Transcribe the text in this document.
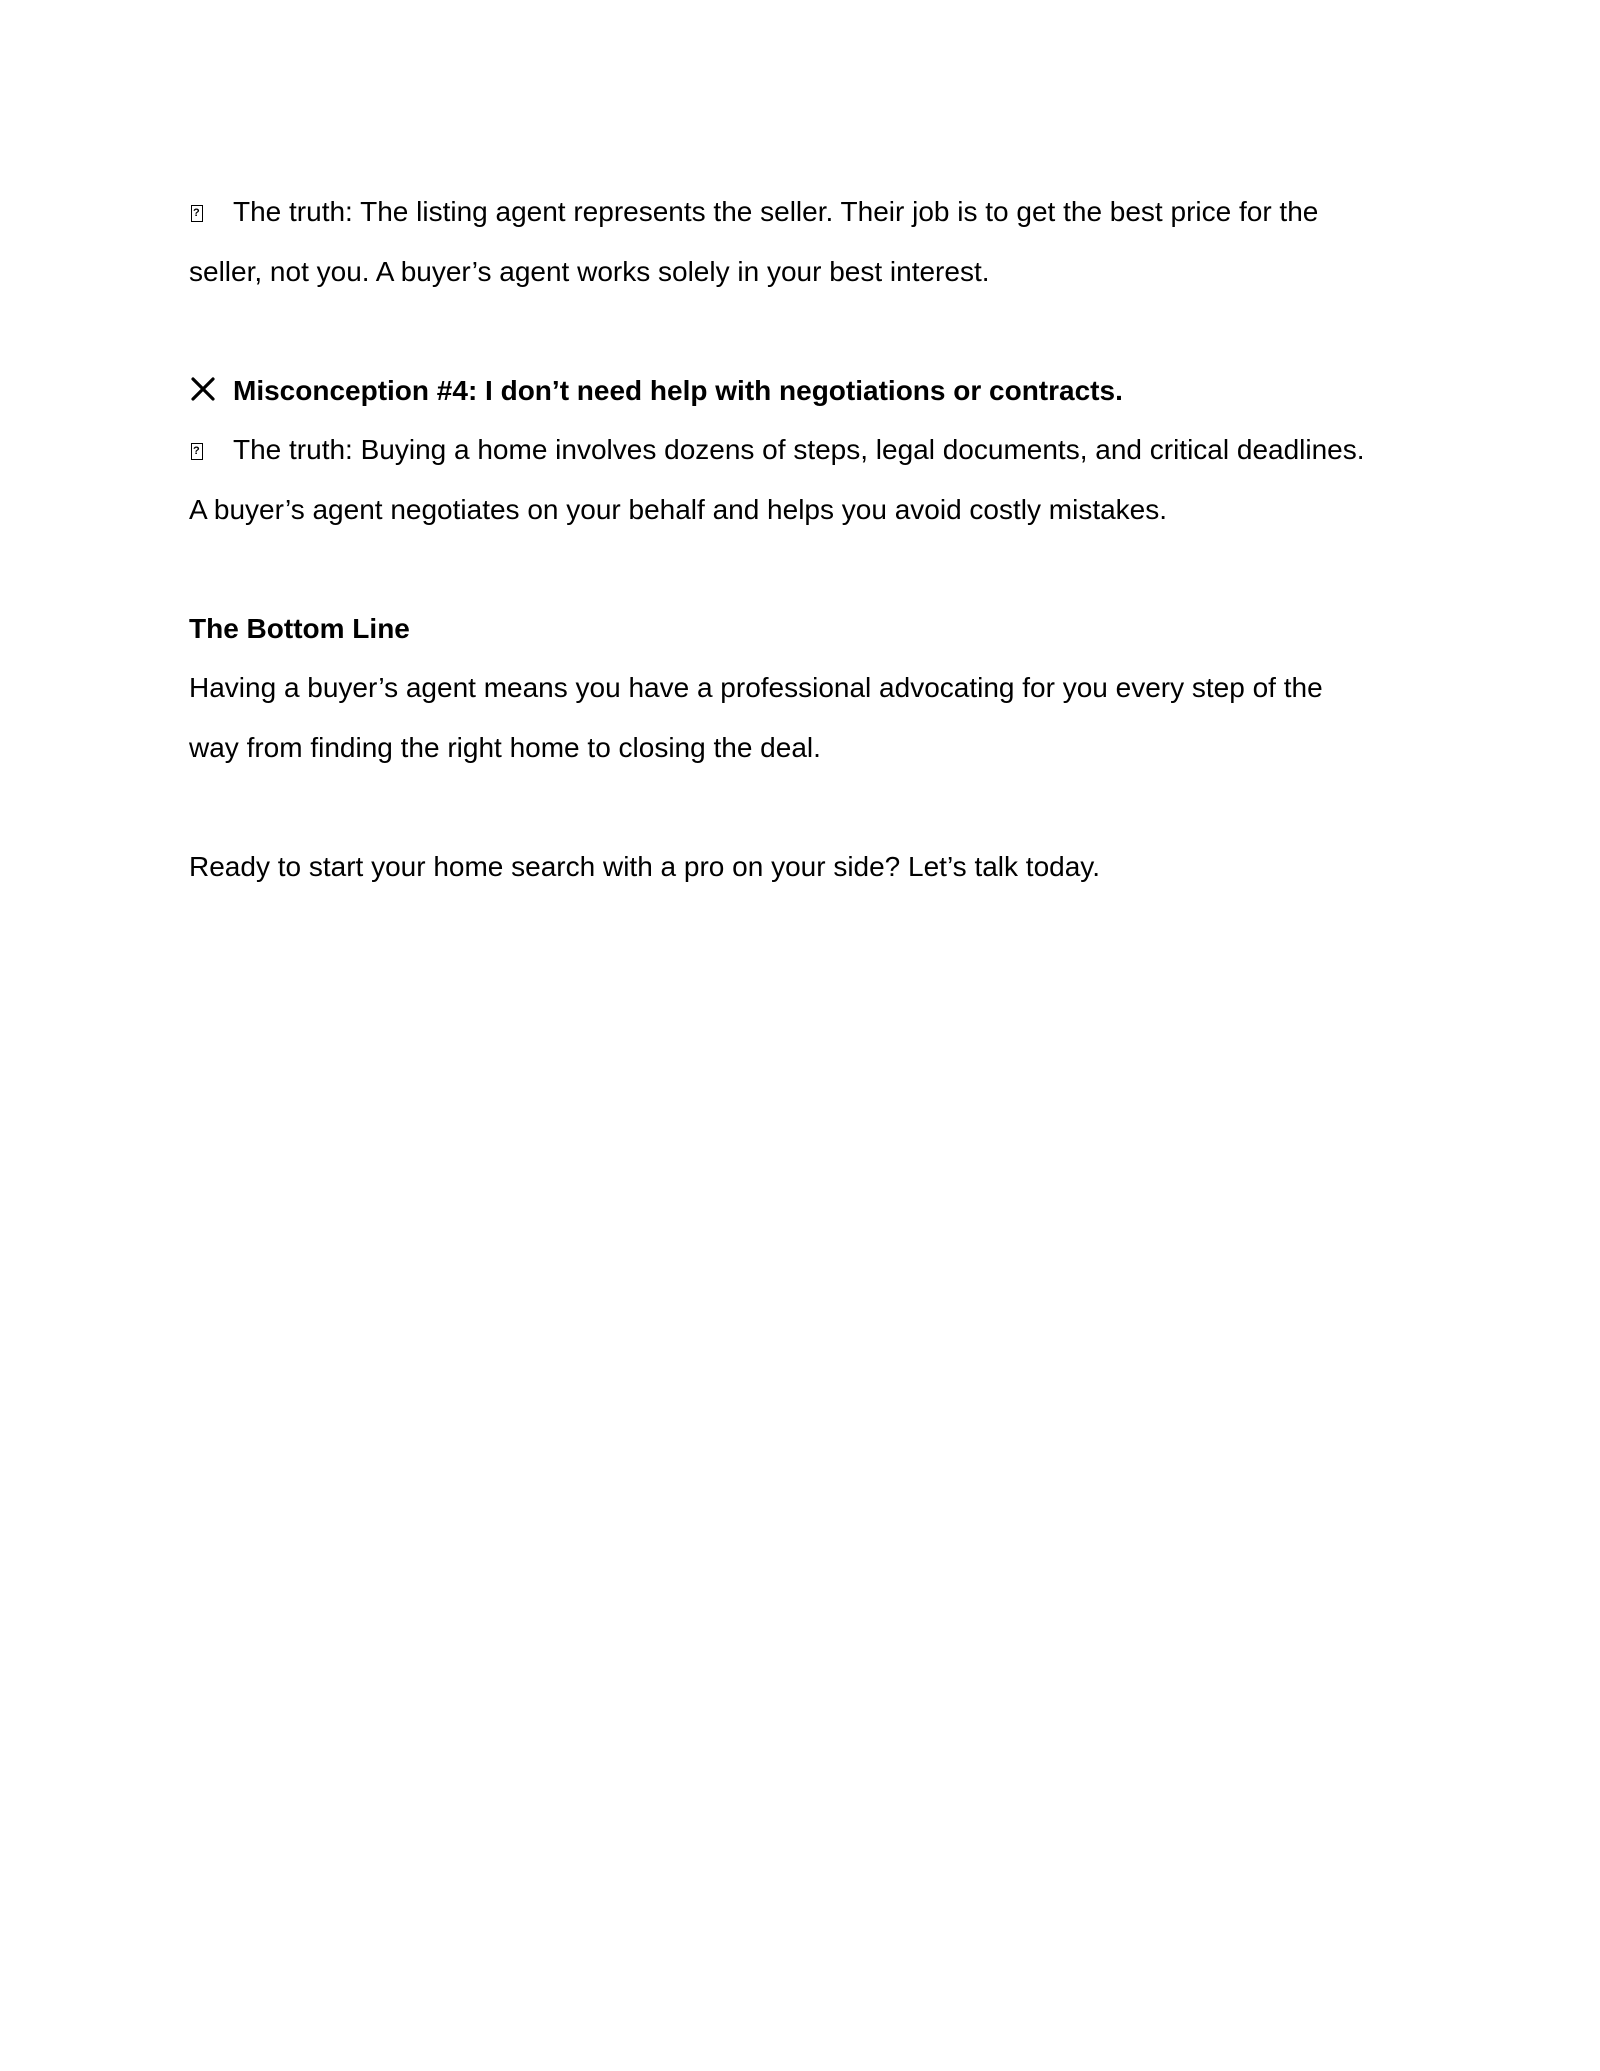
?The truth: The listing agent represents the seller. Their job is to get the best price for the

seller, not you. A buyer’s agent works solely in your best interest.

Misconception #4: I don’t need help with negotiations or contracts.

?The truth: Buying a home involves dozens of steps, legal documents, and critical deadlines.

A buyer’s agent negotiates on your behalf and helps you avoid costly mistakes.

The Bottom Line

Having a buyer’s agent means you have a professional advocating for you every step of the

way from finding the right home to closing the deal.

Ready to start your home search with a pro on your side? Let’s talk today.
